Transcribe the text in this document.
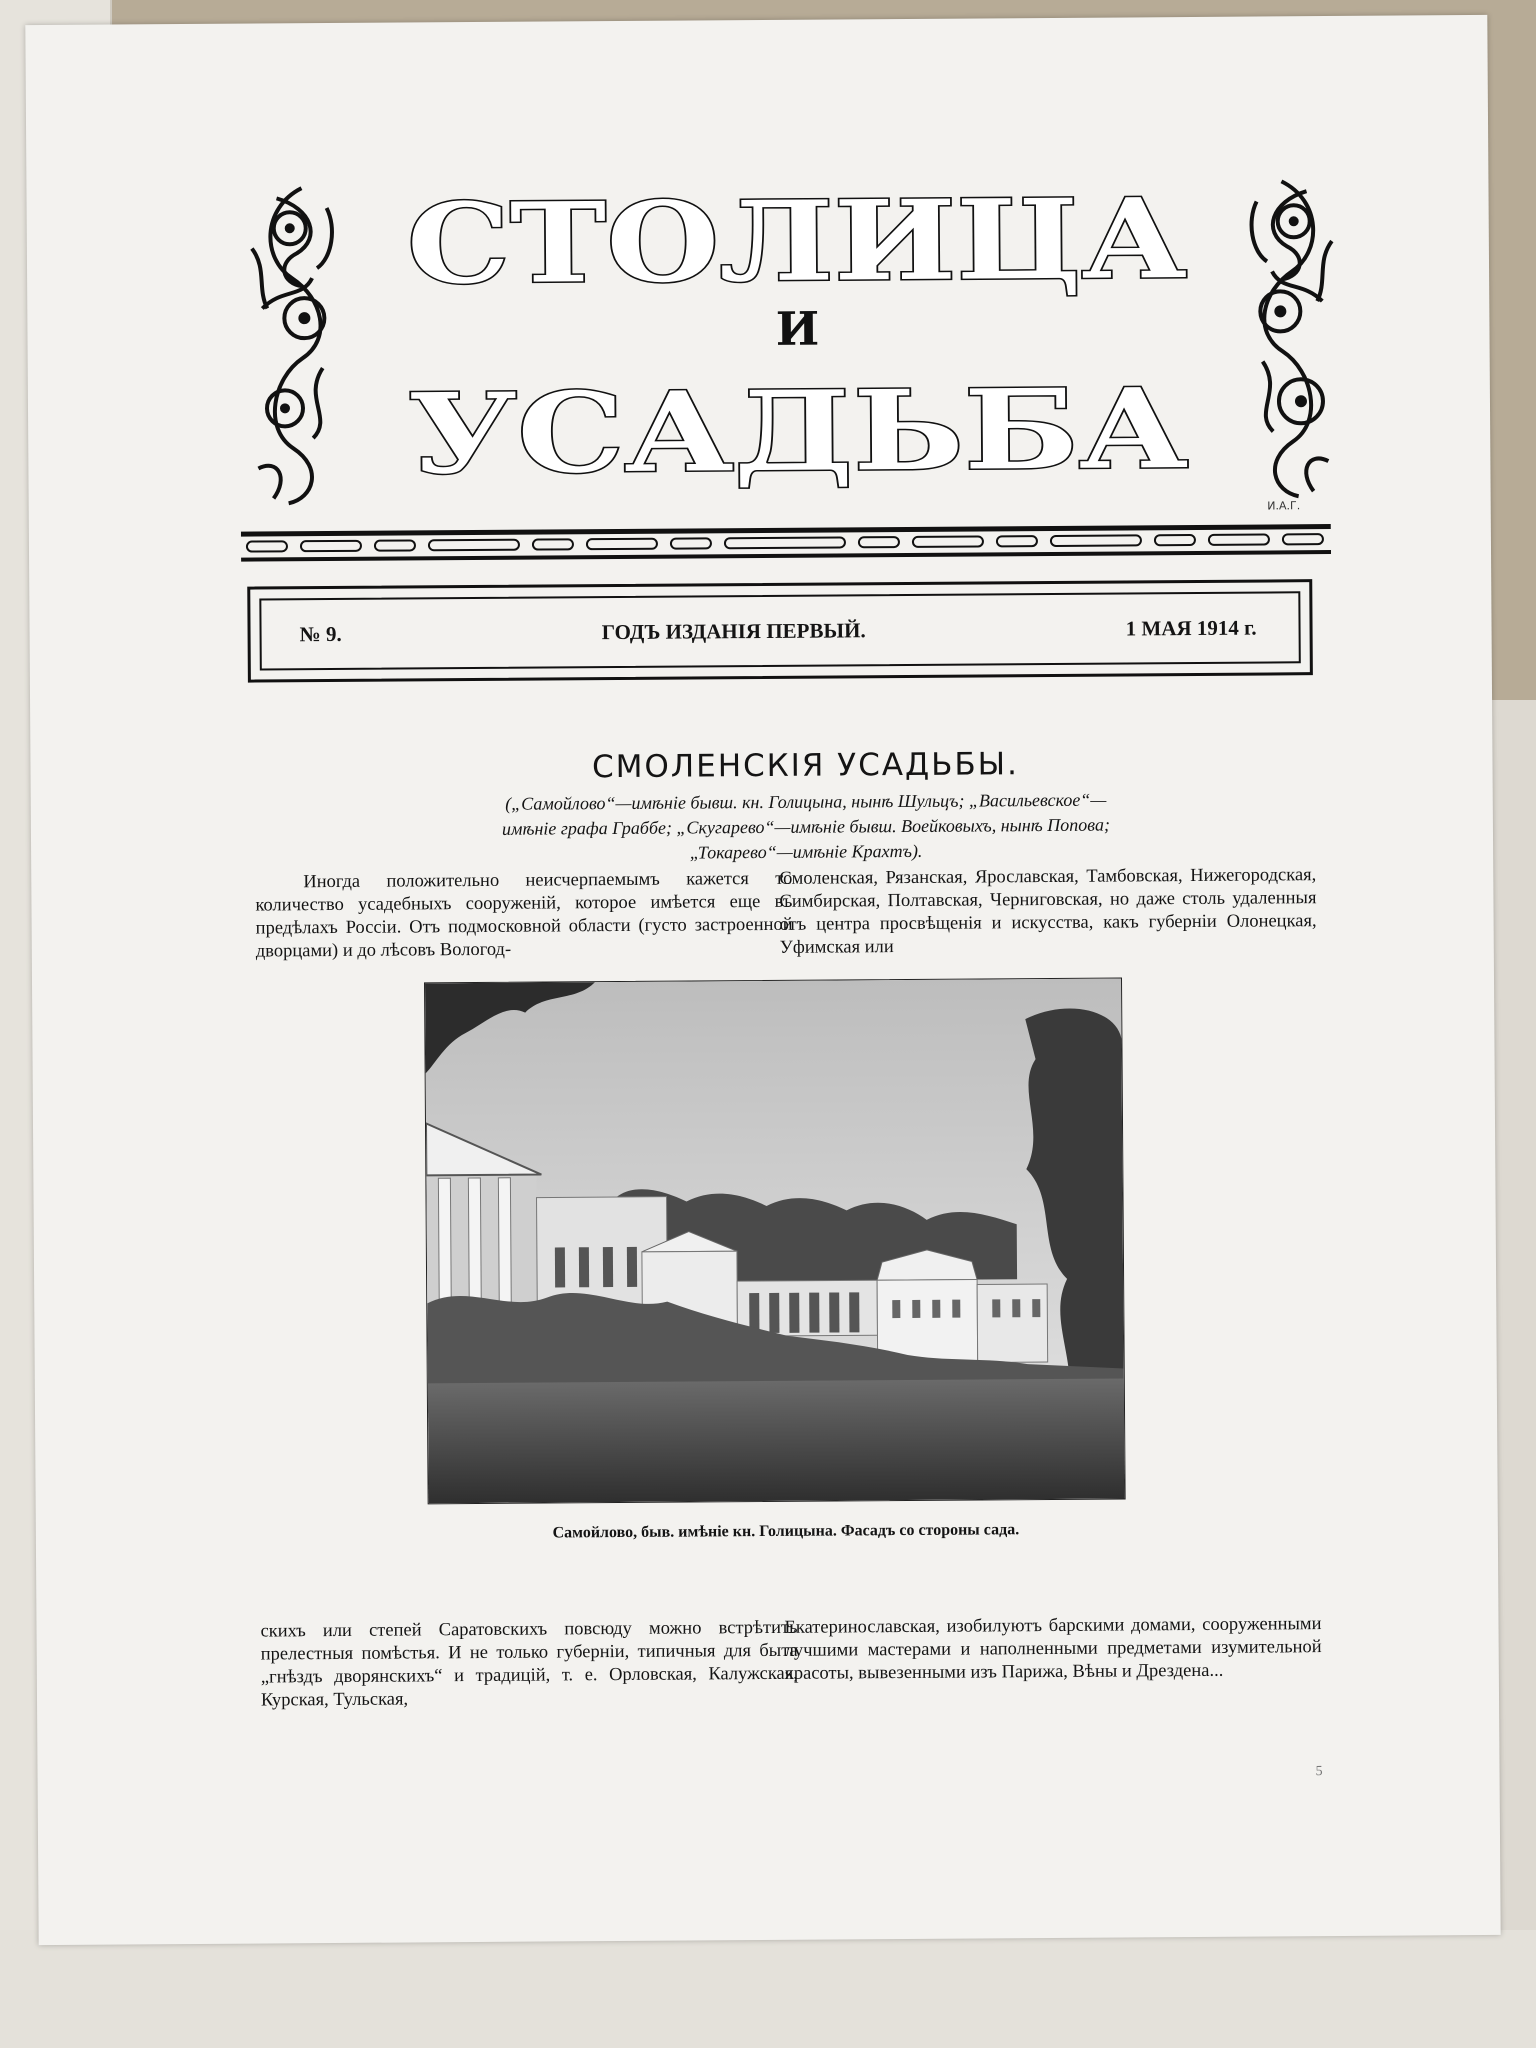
СТОЛИЦА
И
УСАДЬБА
И.А.Г.
№ 9.	ГОДЪ ИЗДАНІЯ ПЕРВЫЙ.	1 МАЯ 1914 г.
СМОЛЕНСКІЯ УСАДЬБЫ.
(„Самойлово“—имѣніе бывш. кн. Голицына, нынѣ Шульцъ; „Васильевское“—имѣніе графа Граббе; „Скугарево“—имѣніе бывш. Воейковыхъ, нынѣ Попова; „Токарево“—имѣніе Крахтъ).

Иногда положительно неисчерпаемымъ кажется то количество усадебныхъ сооруженій, которое имѣется еще въ предѣлахъ Россіи. Отъ подмосковной области (густо застроенной дворцами) и до лѣсовъ Вологод-

Смоленская, Рязанская, Ярославская, Тамбовская, Нижегородская, Симбирская, Полтавская, Черниговская, но даже столь удаленныя отъ центра просвѣщенія и искусства, какъ губерніи Олонецкая, Уфимская или

Самойлово, быв. имѣніе кн. Голицына. Фасадъ со стороны сада.

скихъ или степей Саратовскихъ повсюду можно встрѣтить прелестныя помѣстья. И не только губерніи, типичныя для быта „гнѣздъ дворянскихъ“ и традицій, т. е. Орловская, Калужская, Курская, Тульская,

Екатеринославская, изобилуютъ барскими домами, сооруженными лучшими мастерами и наполненными предметами изумительной красоты, вывезенными изъ Парижа, Вѣны и Дрездена...

5
